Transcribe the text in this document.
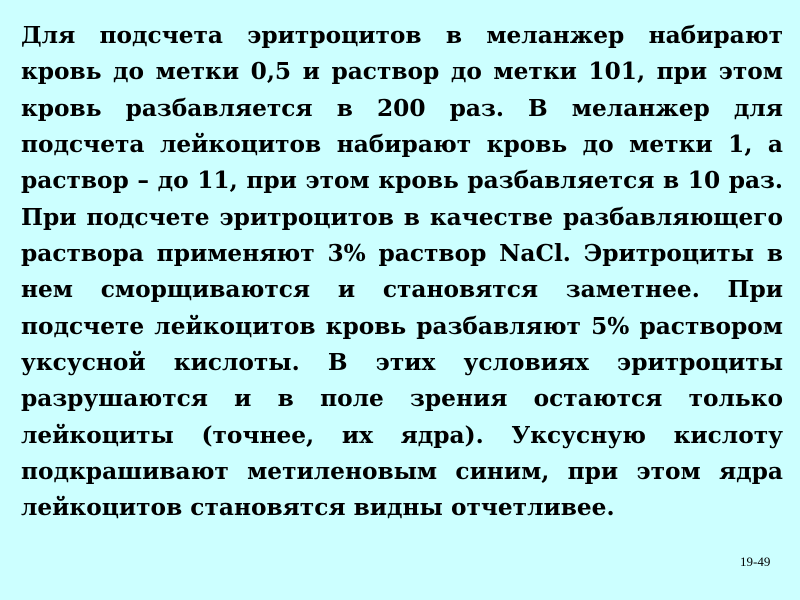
Для подсчета эритроцитов в меланжер набирают кровь до метки 0,5 и раствор до метки 101, при этом кровь разбавляется в 200 раз. В меланжер для подсчета лейкоцитов набирают кровь до метки 1, а раствор – до 11, при этом кровь разбавляется в 10 раз. При подсчете эритроцитов в качестве разбавляющего раствора применяют 3% раствор NaCl. Эритроциты в нем сморщиваются и становятся заметнее. При подсчете лейкоцитов кровь разбавляют 5% раствором уксусной кислоты. В этих условиях эритроциты разрушаются и в поле зрения остаются только лейкоциты (точнее, их ядра). Уксусную кислоту подкрашивают метиленовым синим, при этом ядра лейкоцитов становятся видны отчетливее.

19-49
